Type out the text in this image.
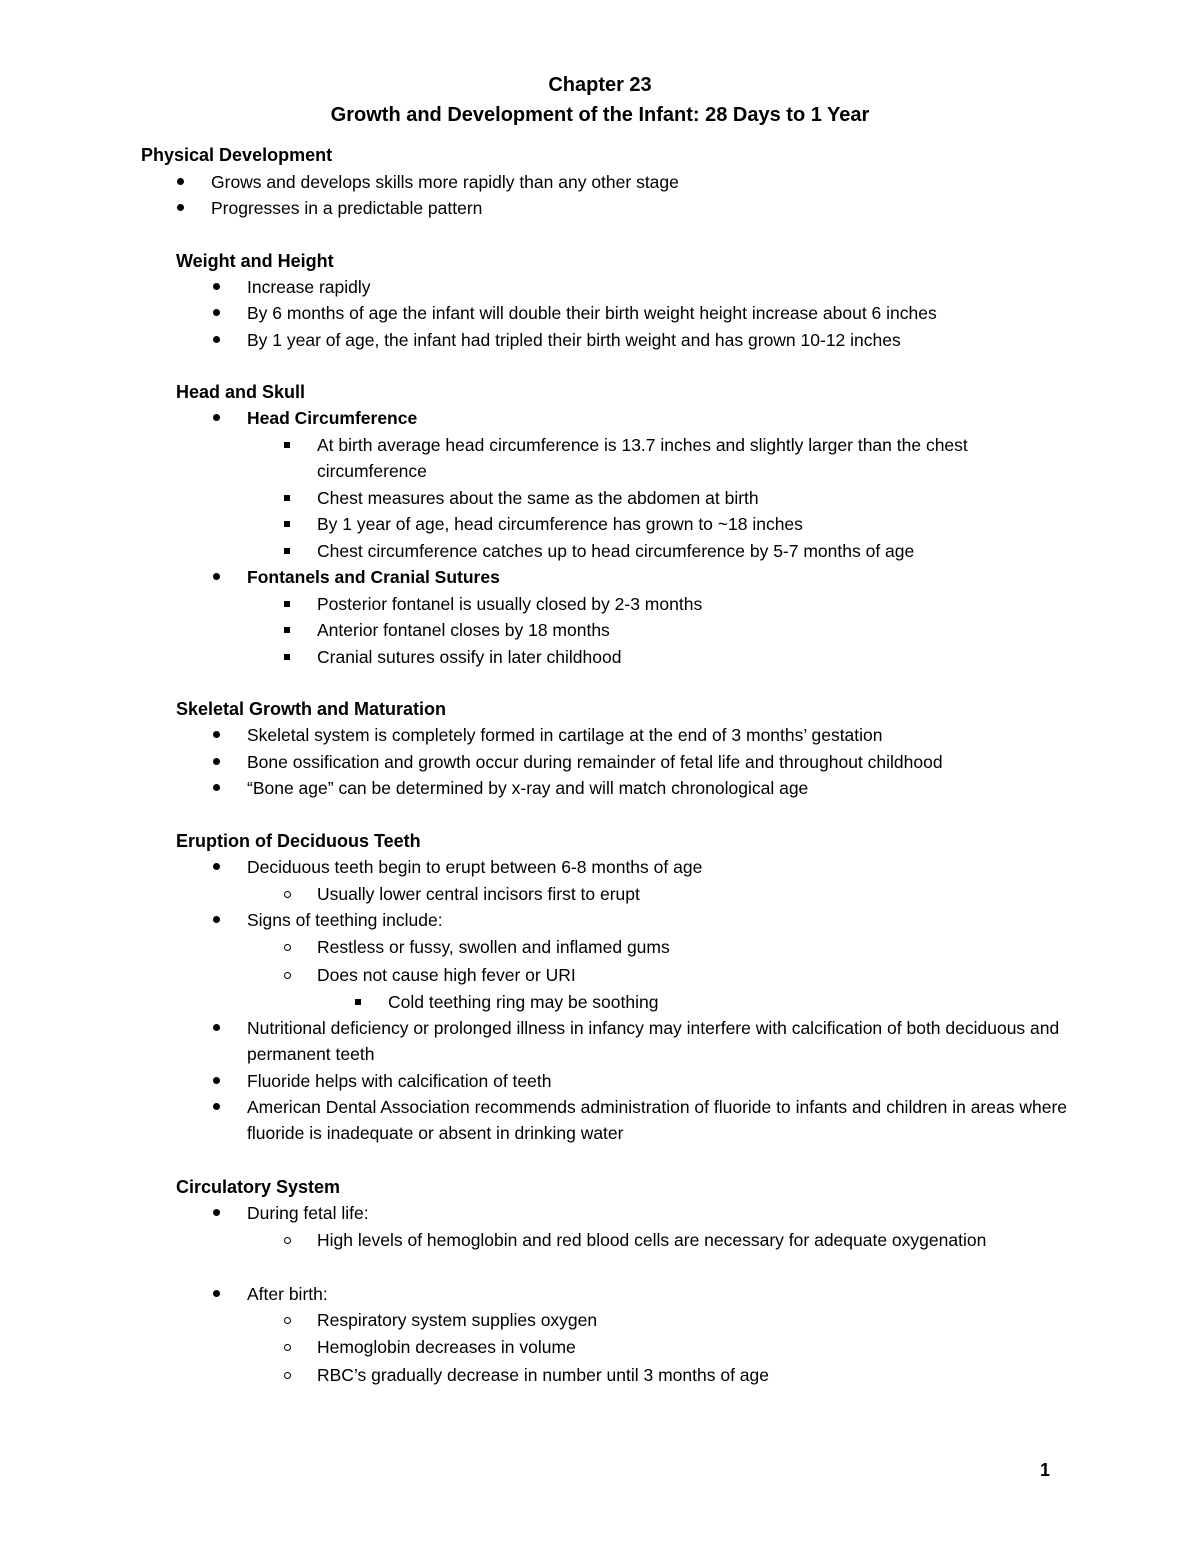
Chapter 23
Growth and Development of the Infant: 28 Days to 1 Year
Physical Development
Grows and develops skills more rapidly than any other stage
Progresses in a predictable pattern
Weight and Height
Increase rapidly
By 6 months of age the infant will double their birth weight height increase about 6 inches
By 1 year of age, the infant had tripled their birth weight and has grown 10-12 inches
Head and Skull
Head Circumference
At birth average head circumference is 13.7 inches and slightly larger than the chest circumference
Chest measures about the same as the abdomen at birth
By 1 year of age, head circumference has grown to ~18 inches
Chest circumference catches up to head circumference by 5-7 months of age
Fontanels and Cranial Sutures
Posterior fontanel is usually closed by 2-3 months
Anterior fontanel closes by 18 months
Cranial sutures ossify in later childhood
Skeletal Growth and Maturation
Skeletal system is completely formed in cartilage at the end of 3 months’ gestation
Bone ossification and growth occur during remainder of fetal life and throughout childhood
“Bone age” can be determined by x-ray and will match chronological age
Eruption of Deciduous Teeth
Deciduous teeth begin to erupt between 6-8 months of age
Usually lower central incisors first to erupt
Signs of teething include:
Restless or fussy, swollen and inflamed gums
Does not cause high fever or URI
Cold teething ring may be soothing
Nutritional deficiency or prolonged illness in infancy may interfere with calcification of both deciduous and permanent teeth
Fluoride helps with calcification of teeth
American Dental Association recommends administration of fluoride to infants and children in areas where fluoride is inadequate or absent in drinking water
Circulatory System
During fetal life:
High levels of hemoglobin and red blood cells are necessary for adequate oxygenation
After birth:
Respiratory system supplies oxygen
Hemoglobin decreases in volume
RBC’s gradually decrease in number until 3 months of age

1
